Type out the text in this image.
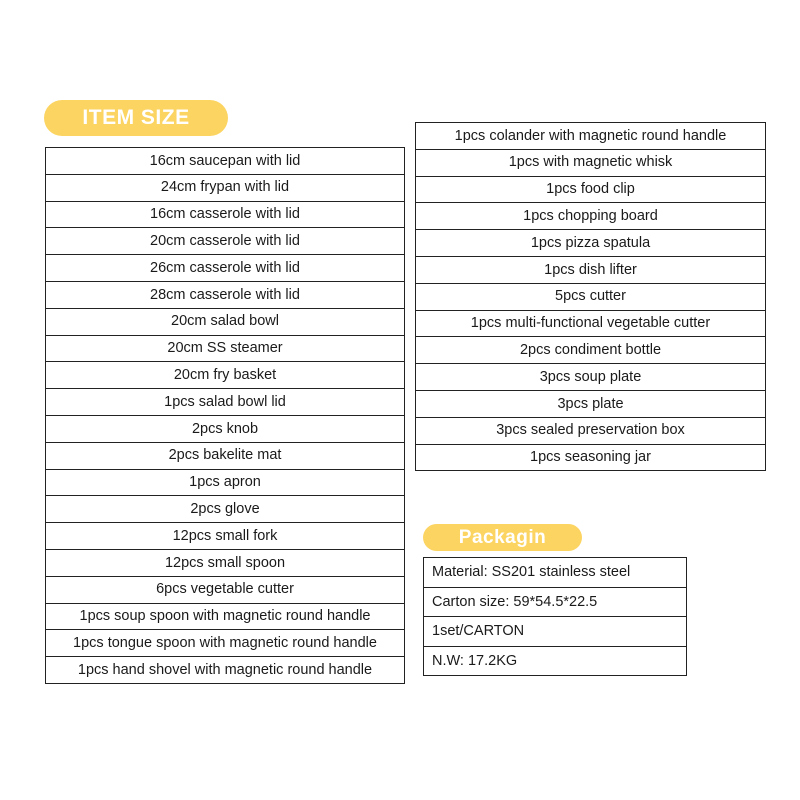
ITEM SIZE
16cm saucepan with lid
24cm frypan with lid
16cm casserole with lid
20cm casserole with lid
26cm casserole with lid
28cm casserole with lid
20cm salad bowl
20cm SS steamer
20cm fry basket
1pcs salad bowl lid
2pcs knob
2pcs bakelite mat
1pcs apron
2pcs glove
12pcs small fork
12pcs small spoon
6pcs vegetable cutter
1pcs soup spoon with magnetic round handle
1pcs tongue spoon with magnetic round handle
1pcs hand shovel with magnetic round handle
1pcs colander with magnetic round handle
1pcs with magnetic whisk
1pcs food clip
1pcs chopping board
1pcs pizza spatula
1pcs dish lifter
5pcs cutter
1pcs multi-functional vegetable cutter
2pcs condiment bottle
3pcs soup plate
3pcs plate
3pcs sealed preservation box
1pcs seasoning jar
Packagin
Material: SS201 stainless steel
Carton size: 59*54.5*22.5
1set/CARTON
N.W: 17.2KG
